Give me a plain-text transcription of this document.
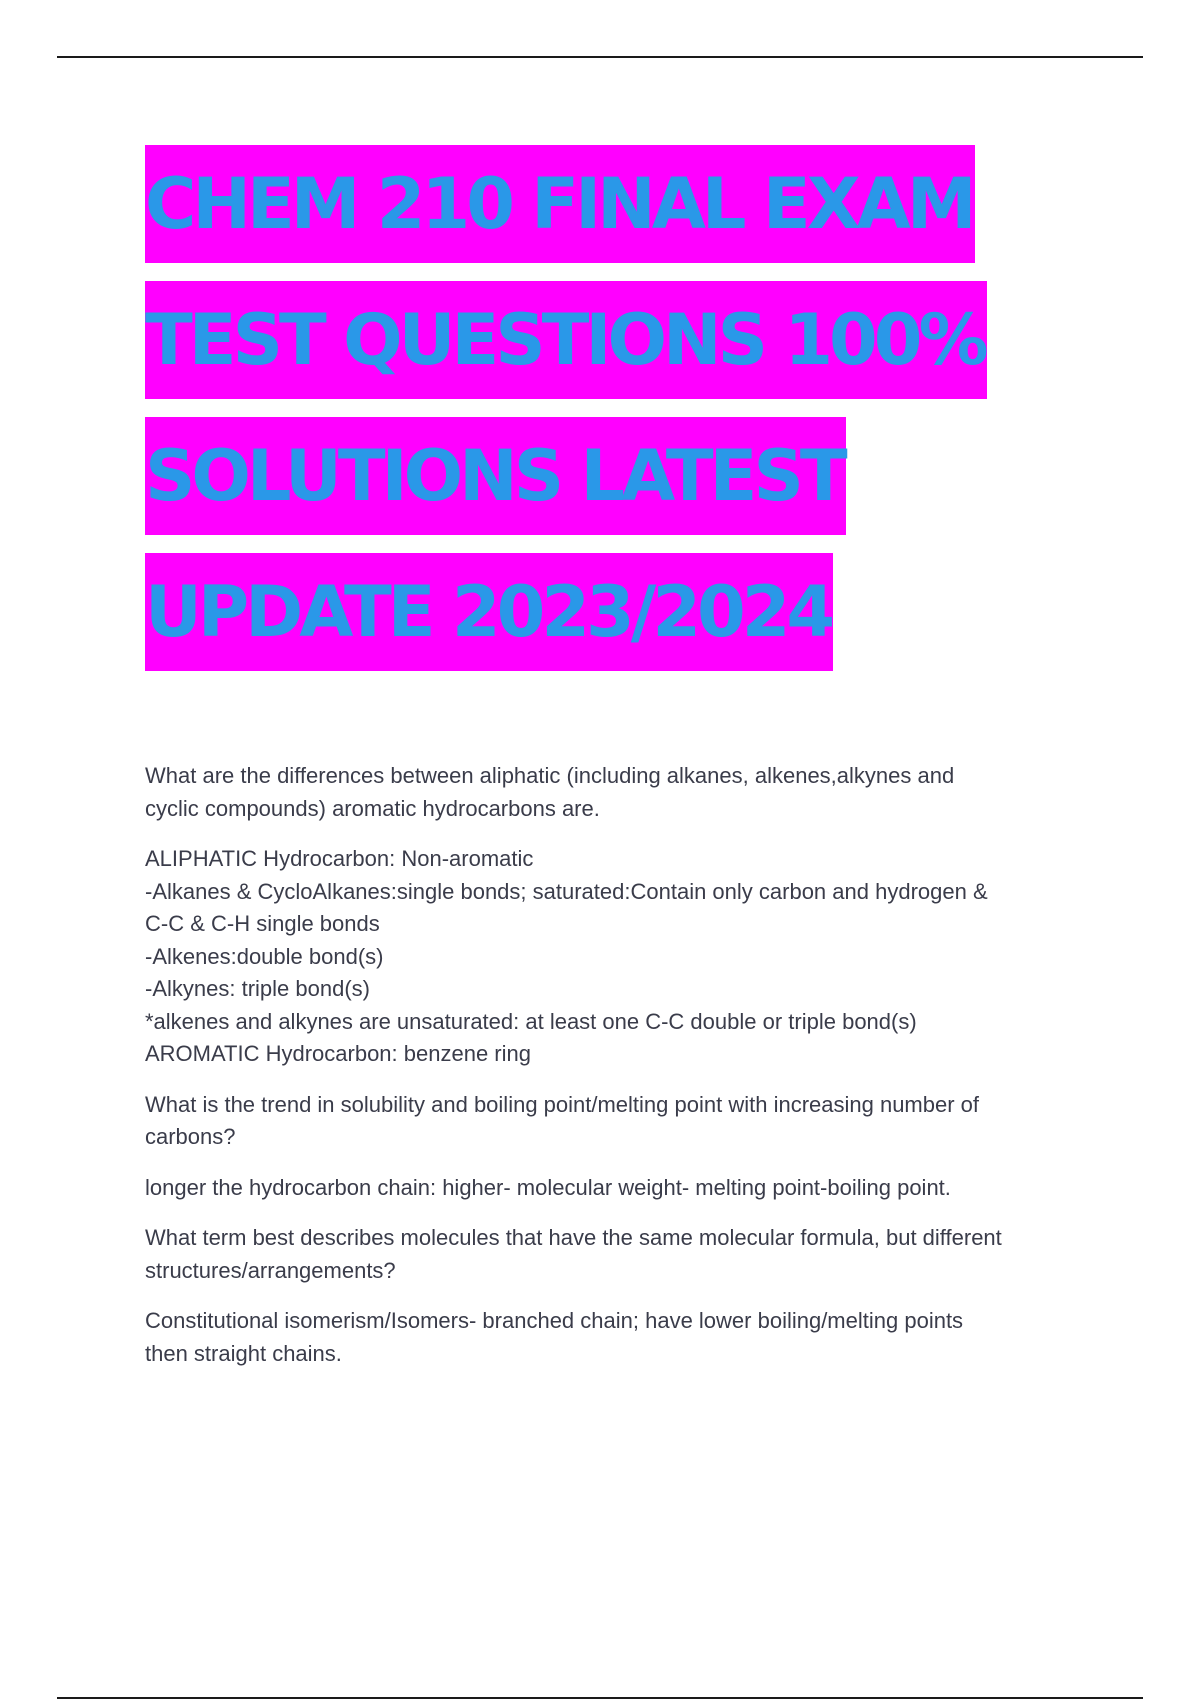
CHEM 210 FINAL EXAM
TEST QUESTIONS 100%
SOLUTIONS LATEST
UPDATE 2023/2024
What are the differences between aliphatic (including alkanes, alkenes,alkynes and
cyclic compounds) aromatic hydrocarbons are.
ALIPHATIC Hydrocarbon: Non-aromatic
-Alkanes & CycloAlkanes:single bonds; saturated:Contain only carbon and hydrogen &
C-C & C-H single bonds
-Alkenes:double bond(s)
-Alkynes: triple bond(s)
*alkenes and alkynes are unsaturated: at least one C-C double or triple bond(s)
AROMATIC Hydrocarbon: benzene ring
What is the trend in solubility and boiling point/melting point with increasing number of
carbons?
longer the hydrocarbon chain: higher- molecular weight- melting point-boiling point.
What term best describes molecules that have the same molecular formula, but different
structures/arrangements?
Constitutional isomerism/Isomers- branched chain; have lower boiling/melting points
then straight chains.
